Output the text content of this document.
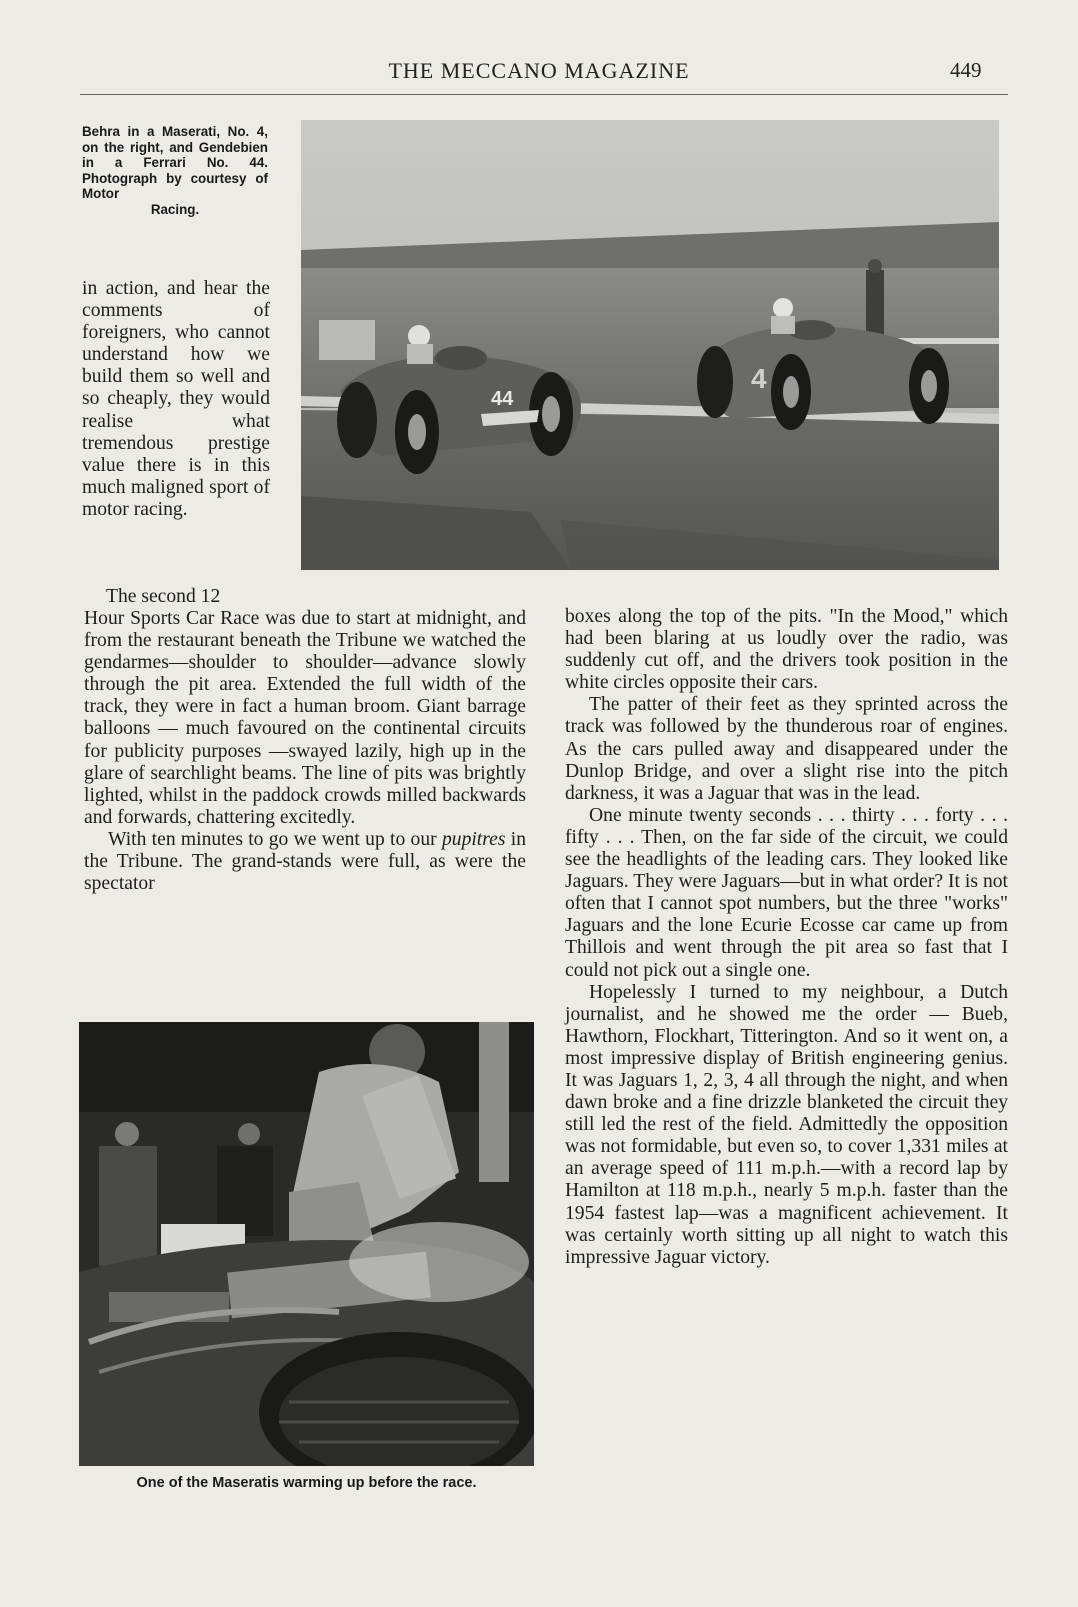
THE MECCANO MAGAZINE	449
Behra in a Maserati, No. 4, on the right, and Gendebien in a Ferrari No. 44. Photograph by courtesy of Motor
Racing.
44
4
in action, and hear the comments of foreigners, who cannot understand how we build them so well and so cheaply, they would realise what tremendous prestige value there is in this much maligned sport of motor racing.
The second 12

Hour Sports Car Race was due to start at midnight, and from the restaurant beneath the Tribune we watched the gendarmes—shoulder to shoulder—advance slowly through the pit area. Extended the full width of the track, they were in fact a human broom. Giant barrage balloons — much favoured on the continental circuits for publicity purposes —swayed lazily, high up in the glare of searchlight beams. The line of pits was brightly lighted, whilst in the paddock crowds milled backwards and forwards, chattering excitedly.

With ten minutes to go we went up to our pupitres in the Tribune. The grand-stands were full, as were the spectator

boxes along the top of the pits. "In the Mood," which had been blaring at us loudly over the radio, was suddenly cut off, and the drivers took position in the white circles opposite their cars.

The patter of their feet as they sprinted across the track was followed by the thunderous roar of engines. As the cars pulled away and disappeared under the Dunlop Bridge, and over a slight rise into the pitch darkness, it was a Jaguar that was in the lead.

One minute twenty seconds . . . thirty . . . forty . . . fifty . . . Then, on the far side of the circuit, we could see the headlights of the leading cars. They looked like Jaguars. They were Jaguars—but in what order? It is not often that I cannot spot numbers, but the three "works" Jaguars and the lone Ecurie Ecosse car came up from Thillois and went through the pit area so fast that I could not pick out a single one.

Hopelessly I turned to my neighbour, a Dutch journalist, and he showed me the order — Bueb, Hawthorn, Flockhart, Titterington. And so it went on, a most impressive display of British engineering genius. It was Jaguars 1, 2, 3, 4 all through the night, and when dawn broke and a fine drizzle blanketed the circuit they still led the rest of the field. Admittedly the opposition was not formidable, but even so, to cover 1,331 miles at an average speed of 111 m.p.h.—with a record lap by Hamilton at 118 m.p.h., nearly 5 m.p.h. faster than the 1954 fastest lap—was a magnificent achievement. It was certainly worth sitting up all night to watch this impressive Jaguar victory.

One of the Maseratis warming up before the race.
